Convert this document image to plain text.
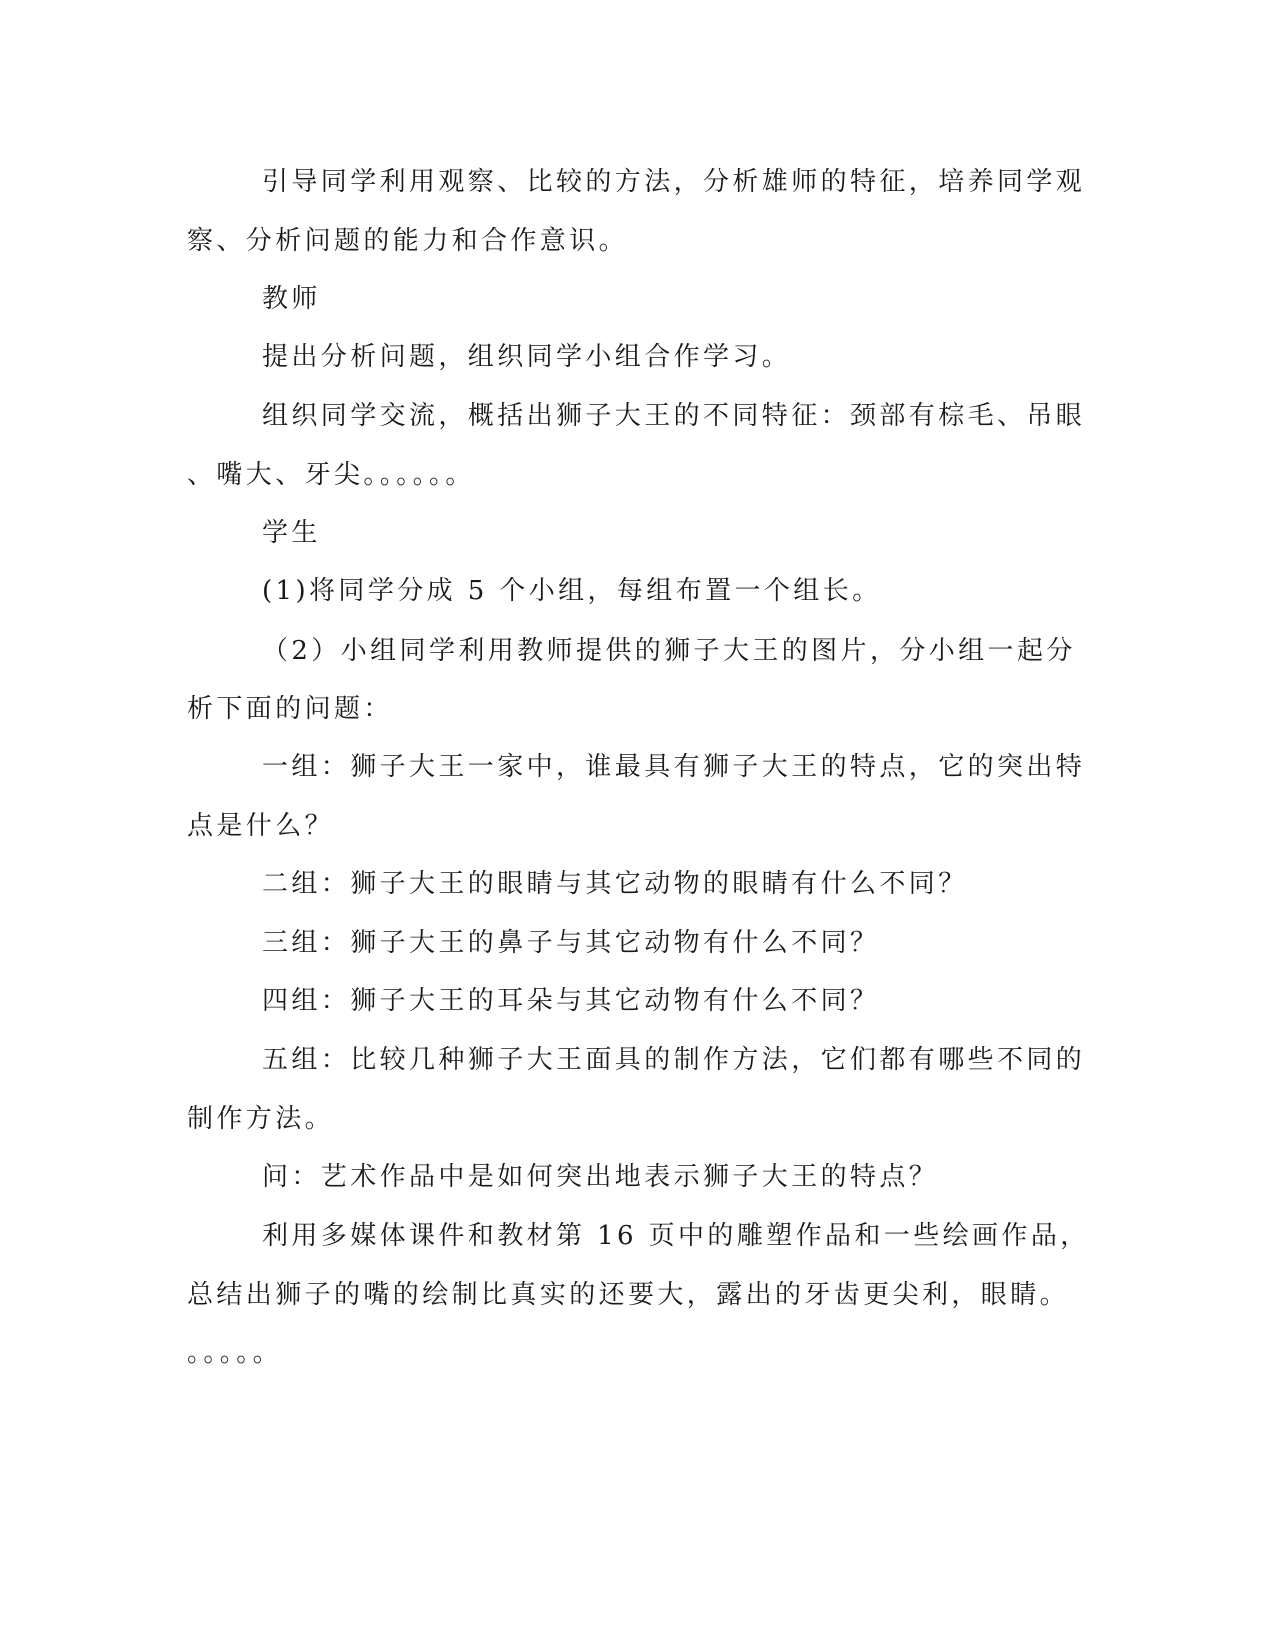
引导同学利用观察、比较的方法，分析雄师的特征，培养同学观
察、分析问题的能力和合作意识。
教师
提出分析问题，组织同学小组合作学习。
组织同学交流，概括出狮子大王的不同特征：颈部有棕毛、吊眼
、嘴大、牙尖。。。。。。
学生
(1)将同学分成 5 个小组，每组布置一个组长。
（2）小组同学利用教师提供的狮子大王的图片，分小组一起分
析下面的问题：
一组：狮子大王一家中，谁最具有狮子大王的特点，它的突出特
点是什么？
二组：狮子大王的眼睛与其它动物的眼睛有什么不同？
三组：狮子大王的鼻子与其它动物有什么不同？
四组：狮子大王的耳朵与其它动物有什么不同？
五组：比较几种狮子大王面具的制作方法，它们都有哪些不同的
制作方法。
问：艺术作品中是如何突出地表示狮子大王的特点？
利用多媒体课件和教材第 16 页中的雕塑作品和一些绘画作品，
总结出狮子的嘴的绘制比真实的还要大，露出的牙齿更尖利，眼睛。
。。。。。
